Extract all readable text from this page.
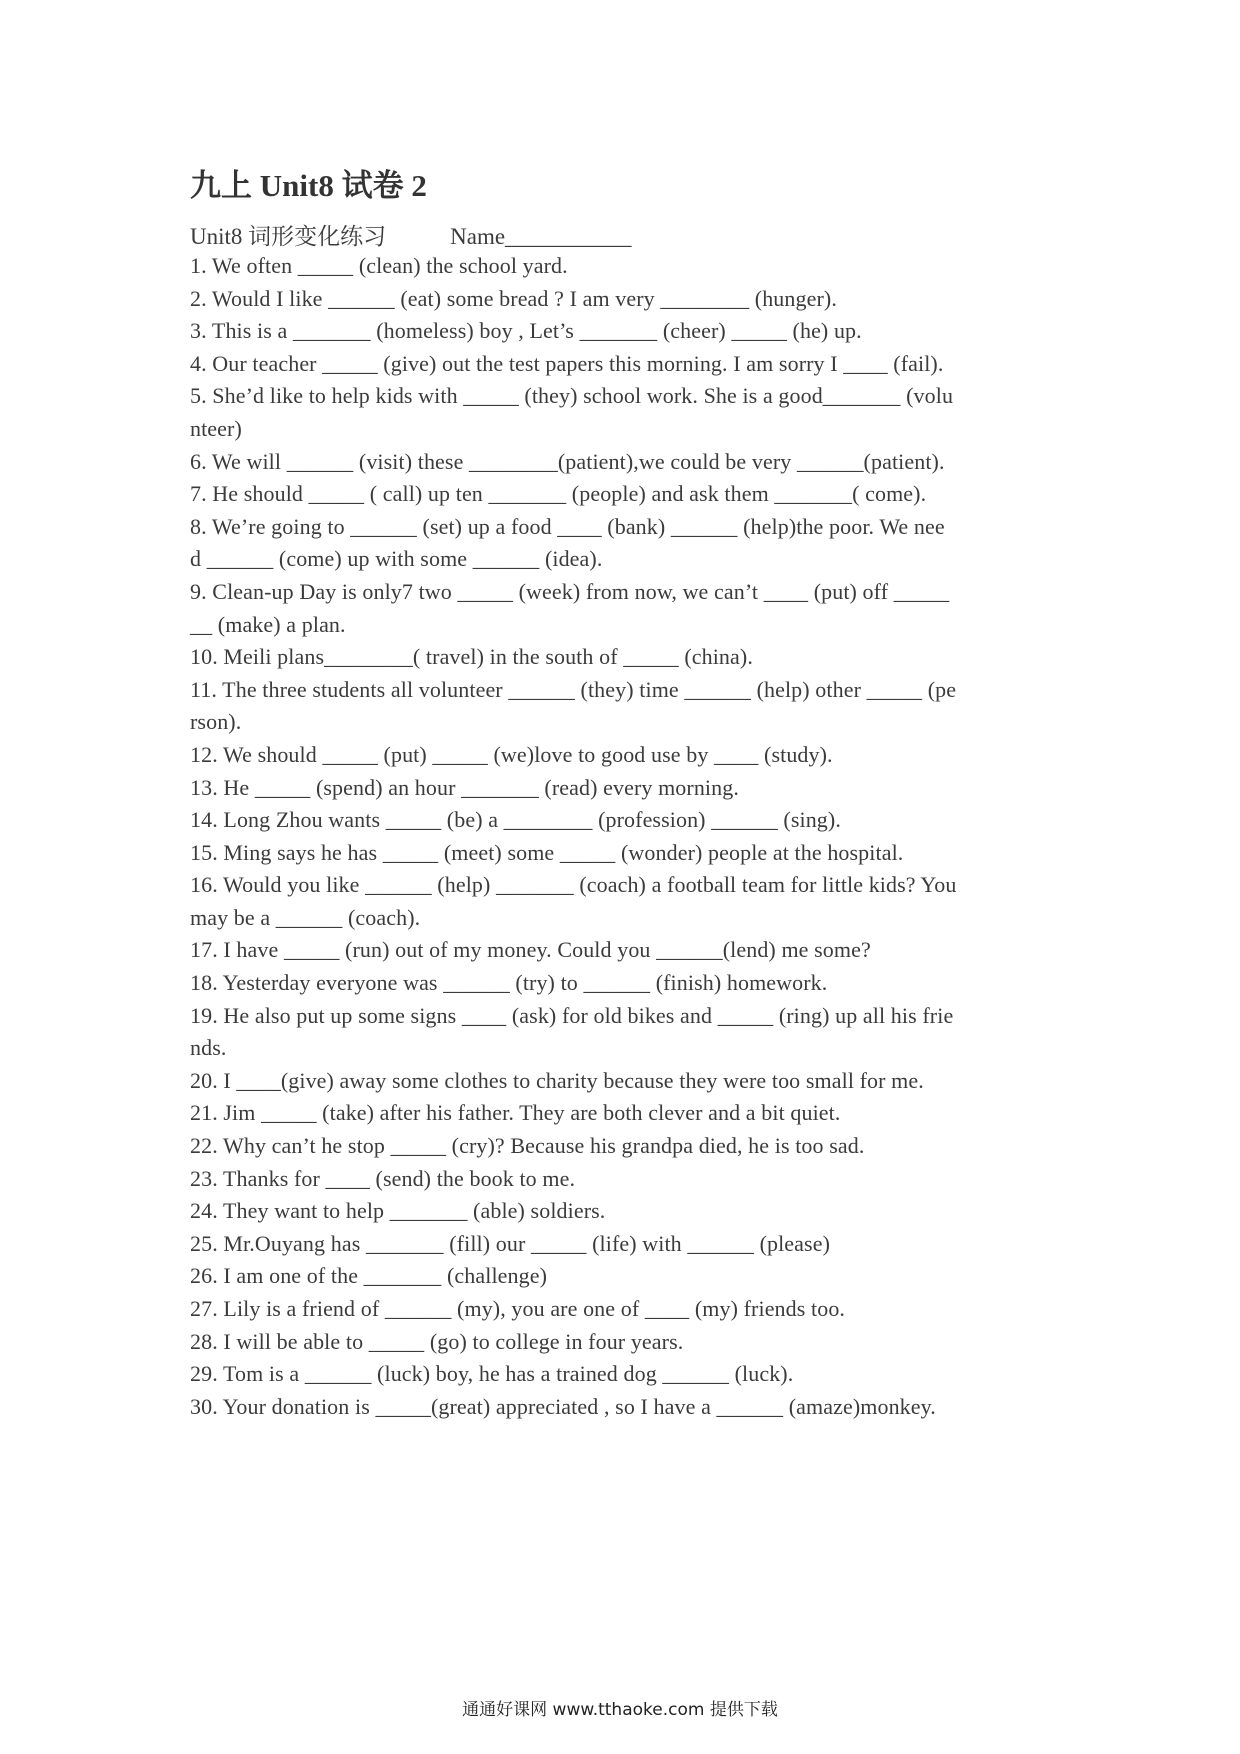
九上 Unit8 试卷 2
Unit8 词形变化练习	Name___________
1. We often _____ (clean) the school yard.
2. Would I like ______ (eat) some bread ? I am very ________ (hunger).
3. This is a _______ (homeless) boy , Let’s _______ (cheer) _____ (he) up.
4. Our teacher _____ (give) out the test papers this morning. I am sorry I ____ (fail).
5. She’d like to help kids with _____ (they) school work. She is a good_______ (volu
nteer)
6. We will ______ (visit) these ________(patient),we could be very ______(patient).
7. He should _____ ( call) up ten _______ (people) and ask them _______( come).
8. We’re going to ______ (set) up a food ____ (bank) ______ (help)the poor. We nee
d ______ (come) up with some ______ (idea).
9. Clean-up Day is only7 two _____ (week) from now, we can’t ____ (put) off _____
__ (make) a plan.
10. Meili plans________( travel) in the south of _____ (china).
11. The three students all volunteer ______ (they) time ______ (help) other _____ (pe
rson).
12. We should _____ (put) _____ (we)love to good use by ____ (study).
13. He _____ (spend) an hour _______ (read) every morning.
14. Long Zhou wants _____ (be) a ________ (profession) ______ (sing).
15. Ming says he has _____ (meet) some _____ (wonder) people at the hospital.
16. Would you like ______ (help) _______ (coach) a football team for little kids? You
may be a ______ (coach).
17. I have _____ (run) out of my money. Could you ______(lend) me some?
18. Yesterday everyone was ______ (try) to ______ (finish) homework.
19. He also put up some signs ____ (ask) for old bikes and _____ (ring) up all his frie
nds.
20. I ____(give) away some clothes to charity because they were too small for me.
21. Jim _____ (take) after his father. They are both clever and a bit quiet.
22. Why can’t he stop _____ (cry)? Because his grandpa died, he is too sad.
23. Thanks for ____ (send) the book to me.
24. They want to help _______ (able) soldiers.
25. Mr.Ouyang has _______ (fill) our _____ (life) with ______ (please)
26. I am one of the _______ (challenge)
27. Lily is a friend of ______ (my), you are one of ____ (my) friends too.
28. I will be able to _____ (go) to college in four years.
29. Tom is a ______ (luck) boy, he has a trained dog ______ (luck).
30. Your donation is _____(great) appreciated , so I have a ______ (amaze)monkey.
通通好课网 www.tthaoke.com 提供下载
